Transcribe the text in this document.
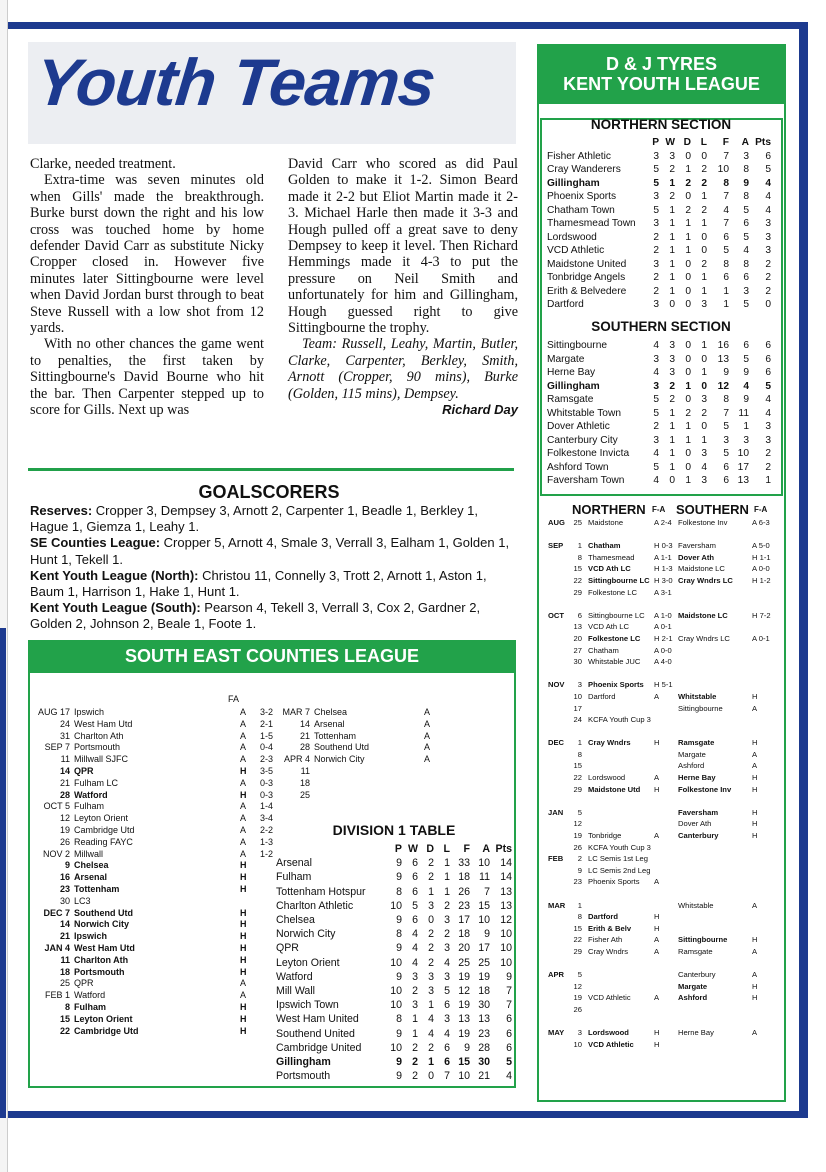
Youth Teams

Clarke, needed treatment.

Extra-time was seven minutes old when Gills' made the breakthrough. Burke burst down the right and his low cross was touched home by home defender David Carr as substitute Nicky Cropper closed in. However five minutes later Sittingbourne were level when David Jordan burst through to beat Steve Russell with a low shot from 12 yards.

With no other chances the game went to penalties, the first taken by Sittingbourne's David Bourne who hit the bar. Then Carpenter stepped up to score for Gills. Next up was

David Carr who scored as did Paul Golden to make it 1-2. Simon Beard made it 2-2 but Eliot Martin made it 2-3. Michael Harle then made it 3-3 and Hough pulled off a great save to deny Dempsey to keep it level. Then Richard Hemmings made it 4-3 to put the pressure on Neil Smith and unfortunately for him and Gillingham, Hough guessed right to give Sittingbourne the trophy.

Team: Russell, Leahy, Martin, Butler, Clarke, Carpenter, Berkley, Smith, Arnott (Cropper, 90 mins), Burke (Golden, 115 mins), Dempsey.

Richard Day

GOALSCORERS
Reserves: Cropper 3, Dempsey 3, Arnott 2, Carpenter 1, Beadle 1, Berkley 1, Hague 1, Giemza 1, Leahy 1.
SE Counties League: Cropper 5, Arnott 4, Smale 3, Verrall 3, Ealham 1, Golden 1, Hunt 1, Tekell 1.
Kent Youth League (North): Christou 11, Connelly 3, Trott 2, Arnott 1, Aston 1, Baum 1, Harrison 1, Hake 1, Hunt 1.
Kent Youth League (South): Pearson 4, Tekell 3, Verrall 3, Cox 2, Gardner 2, Golden 2, Johnson 2, Beale 1, Foote 1.
SOUTH EAST COUNTIES LEAGUE
FA
AUG 17 Ipswich	A	3-2
24 West Ham Utd	A	2-1
31 Charlton Ath	A	1-5
SEP 7 Portsmouth	A	0-4
11 Millwall SJFC	A	2-3
14 QPR	H	3-5
21 Fulham LC	A	0-3
28 Watford	H	0-3
OCT 5 Fulham	A	1-4
12 Leyton Orient	A	3-4
19 Cambridge Utd	A	2-2
26 Reading FAYC	A	1-3
NOV 2 Millwall	A	1-2
9 Chelsea	H
16 Arsenal	H
23 Tottenham	H
30 LC3
DEC 7 Southend Utd	H
14 Norwich City	H
21 Ipswich	H
JAN 4 West Ham Utd	H
11 Charlton Ath	H
18 Portsmouth	H
25 QPR	A
FEB 1 Watford	A
8 Fulham	H
15 Leyton Orient	H
22 Cambridge Utd	H
MAR 7 Chelsea	A
14 Arsenal	A
21 Tottenham	A
28 Southend Utd	A
APR 4 Norwich City	A
11
18
25
DIVISION 1 TABLE
P W D L	F	A Pts
Arsenal	9 6 2 1 33 10 14
Fulham	9 6 2 1 18 11 14
Tottenham Hotspur	8 6 1 1 26	7 13
Charlton Athletic	10 5 3 2 23 15 13
Chelsea	9 6 0 3 17 10 12
Norwich City	8 4 2 2 18	9 10
QPR	9 4 2 3 20 17 10
Leyton Orient	10 4 2 4 25 25 10
Watford	9 3 3 3 19 19	9
Mill Wall	10 2 3 5 12 18	7
Ipswich Town	10 3 1 6 19 30	7
West Ham United	8 1 4 3 13 13	6
Southend United	9 1 4 4 19 23	6
Cambridge United	10 2 2 6	9 28	6
Gillingham	9 2 1 6 15 30	5
Portsmouth	9 2 0 7 10 21	4
D & J TYRES
KENT YOUTH LEAGUE
NORTHERN SECTION
P W D L	F	A Pts
Fisher Athletic	3	3	0	0	7	3	6
Cray Wanderers	5	2	1	2	10	8	5
Gillingham	5	1	2	2	8	9	4
Phoenix Sports	3	2	0	1	7	8	4
Chatham Town	5	1	2	2	4	5	4
Thamesmead Town	3	1	1	1	7	6	3
Lordswood	2	1	1	0	6	5	3
VCD Athletic	2	1	1	0	5	4	3
Maidstone United	3	1	0	2	8	8	2
Tonbridge Angels	2	1	0	1	6	6	2
Erith & Belvedere	2	1	0	1	1	3	2
Dartford	3	0	0	3	1	5	0
SOUTHERN SECTION
Sittingbourne	4	3	0	1	16	6	6
Margate	3	3	0	0	13	5	6
Herne Bay	4	3	0	1	9	9	6
Gillingham	3	2	1	0	12	4	5
Ramsgate	5	2	0	3	8	9	4
Whitstable Town	5	1	2	2	7 11	4
Dover Athletic	2	1	1	0	5	1	3
Canterbury City	3	1	1	1	3	3	3
Folkestone Invicta	4	1	0	3	5 10	2
Ashford Town	5	1	0	4	6 17	2
Faversham Town	4	0	1	3	6 13	1
NORTHERN F-A SOUTHERN F-A
AUG	25 Maidstone	A 2-4 Folkestone Inv	A 6-3
SEP	1 Chatham	H 0-3 Faversham	A 5-0
8 Thamesmead	A 1-1 Dover Ath	H 1-1
15 VCD Ath LC	H 1-3 Maidstone LC	A 0-0
22 Sittingbourne LC H 3-0 Cray Wndrs LC	H 1-2
29 Folkestone LC	A 3-1
OCT	6 Sittingbourne LC	A 1-0 Maidstone LC	H 7-2
13 VCD Ath LC	A 0-1
20 Folkestone LC	H 2-1 Cray Wndrs LC	A 0-1
27 Chatham	A 0-0
30 Whitstable JUC	A 4-0
NOV	3 Phoenix Sports	H 5-1
10 Dartford	A	Whitstable	H
17	Sittingbourne	A
24 KCFA Youth Cup 3
DEC	1 Cray Wndrs	H	Ramsgate	H
8	Margate	A
15	Ashford	A
22 Lordswood	A	Herne Bay	H
29 Maidstone Utd	H	Folkestone Inv	H
JAN	5	Faversham	H
12	Dover Ath	H
19 Tonbridge	A	Canterbury	H
26 KCFA Youth Cup 3
FEB	2 LC Semis 1st Leg
9 LC Semis 2nd Leg
23 Phoenix Sports	A
MAR	1	Whitstable	A
8 Dartford	H
15 Erith & Belv	H
22 Fisher Ath	A	Sittingbourne	H
29 Cray Wndrs	A	Ramsgate	A
APR	5	Canterbury	A
12	Margate	H
19 VCD Athletic	A	Ashford	H
26
MAY	3 Lordswood	H	Herne Bay	A
10 VCD Athletic	H
